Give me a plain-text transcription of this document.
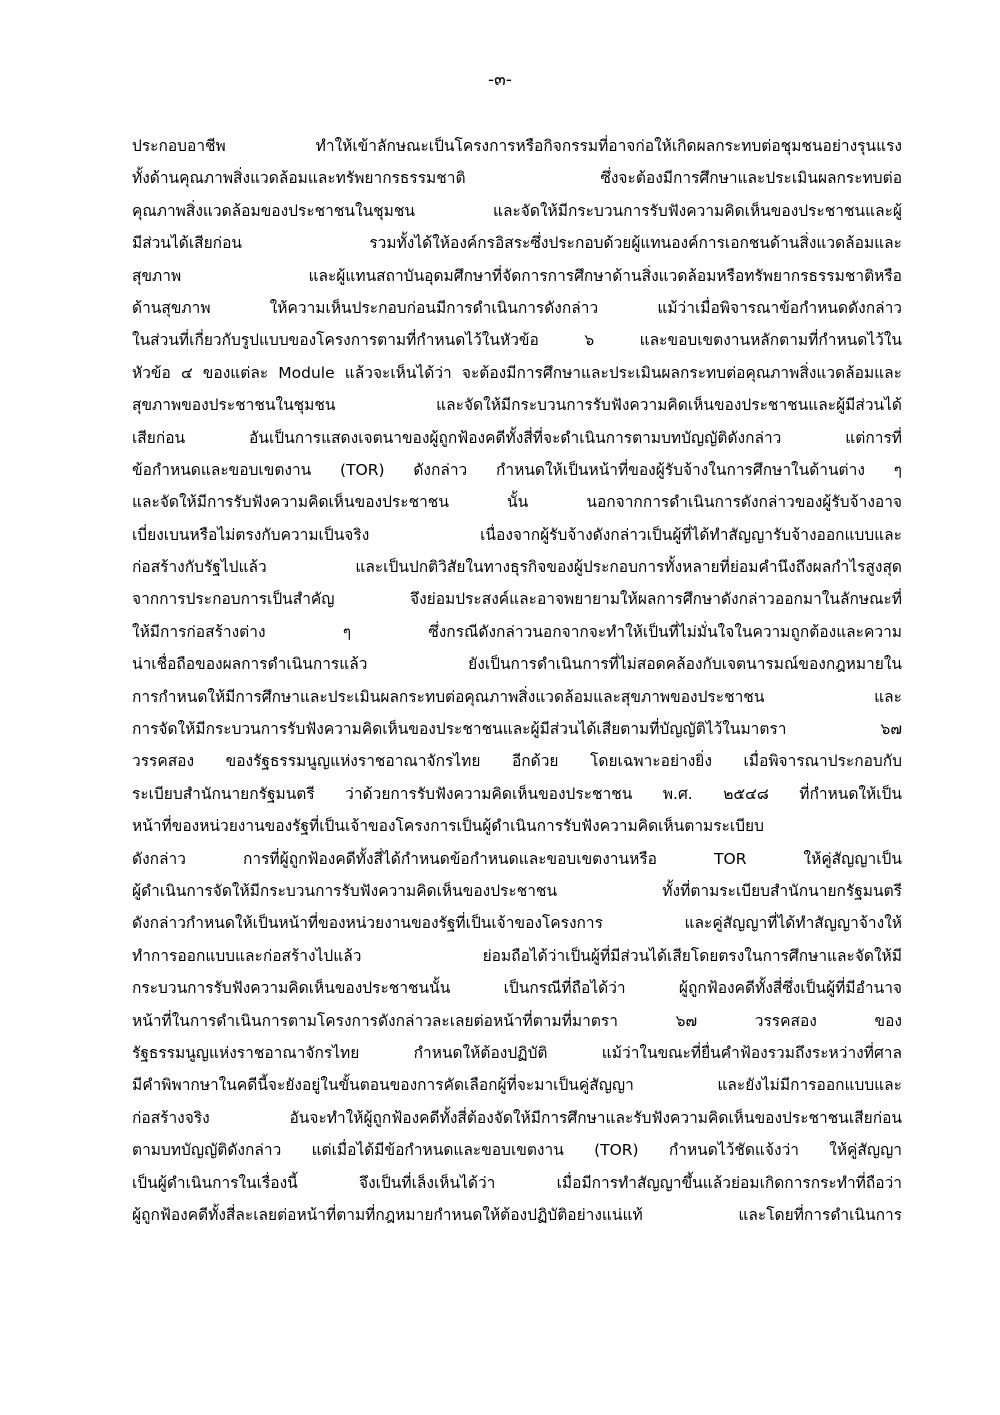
-๓-
ประกอบอาชีพ ทำให้เข้าลักษณะเป็นโครงการหรือกิจกรรมที่อาจก่อให้เกิดผลกระทบต่อชุมชนอย่างรุนแรง
ทั้งด้านคุณภาพสิ่งแวดล้อมและทรัพยากรธรรมชาติ ซึ่งจะต้องมีการศึกษาและประเมินผลกระทบต่อ
คุณภาพสิ่งแวดล้อมของประชาชนในชุมชน และจัดให้มีกระบวนการรับฟังความคิดเห็นของประชาชนและผู้
มีส่วนได้เสียก่อน รวมทั้งได้ให้องค์กรอิสระซึ่งประกอบด้วยผู้แทนองค์การเอกชนด้านสิ่งแวดล้อมและ
สุขภาพ และผู้แทนสถาบันอุดมศึกษาที่จัดการการศึกษาด้านสิ่งแวดล้อมหรือทรัพยากรธรรมชาติหรือ
ด้านสุขภาพ ให้ความเห็นประกอบก่อนมีการดำเนินการดังกล่าว แม้ว่าเมื่อพิจารณาข้อกำหนดดังกล่าว
ในส่วนที่เกี่ยวกับรูปแบบของโครงการตามที่กำหนดไว้ในหัวข้อ ๖ และขอบเขตงานหลักตามที่กำหนดไว้ใน
หัวข้อ ๔ ของแต่ละ Module แล้วจะเห็นได้ว่า จะต้องมีการศึกษาและประเมินผลกระทบต่อคุณภาพสิ่งแวดล้อมและ
สุขภาพของประชาชนในชุมชน และจัดให้มีกระบวนการรับฟังความคิดเห็นของประชาชนและผู้มีส่วนได้
เสียก่อน อันเป็นการแสดงเจตนาของผู้ถูกฟ้องคดีทั้งสี่ที่จะดำเนินการตามบทบัญญัติดังกล่าว แต่การที่
ข้อกำหนดและขอบเขตงาน (TOR) ดังกล่าว กำหนดให้เป็นหน้าที่ของผู้รับจ้างในการศึกษาในด้านต่าง ๆ
และจัดให้มีการรับฟังความคิดเห็นของประชาชน นั้น นอกจากการดำเนินการดังกล่าวของผู้รับจ้างอาจ
เบี่ยงเบนหรือไม่ตรงกับความเป็นจริง เนื่องจากผู้รับจ้างดังกล่าวเป็นผู้ที่ได้ทำสัญญารับจ้างออกแบบและ
ก่อสร้างกับรัฐไปแล้ว และเป็นปกติวิสัยในทางธุรกิจของผู้ประกอบการทั้งหลายที่ย่อมคำนึงถึงผลกำไรสูงสุด
จากการประกอบการเป็นสำคัญ จึงย่อมประสงค์และอาจพยายามให้ผลการศึกษาดังกล่าวออกมาในลักษณะที่
ให้มีการก่อสร้างต่าง ๆ ซึ่งกรณีดังกล่าวนอกจากจะทำให้เป็นที่ไม่มั่นใจในความถูกต้องและความ
น่าเชื่อถือของผลการดำเนินการแล้ว ยังเป็นการดำเนินการที่ไม่สอดคล้องกับเจตนารมณ์ของกฎหมายใน
การกำหนดให้มีการศึกษาและประเมินผลกระทบต่อคุณภาพสิ่งแวดล้อมและสุขภาพของประชาชน และ
การจัดให้มีกระบวนการรับฟังความคิดเห็นของประชาชนและผู้มีส่วนได้เสียตามที่บัญญัติไว้ในมาตรา ๖๗
วรรคสอง ของรัฐธรรมนูญแห่งราชอาณาจักรไทย อีกด้วย โดยเฉพาะอย่างยิ่ง เมื่อพิจารณาประกอบกับ
ระเบียบสำนักนายกรัฐมนตรี ว่าด้วยการรับฟังความคิดเห็นของประชาชน พ.ศ. ๒๕๔๘ ที่กำหนดให้เป็น
หน้าที่ของหน่วยงานของรัฐที่เป็นเจ้าของโครงการเป็นผู้ดำเนินการรับฟังความคิดเห็นตามระเบียบ
ดังกล่าว การที่ผู้ถูกฟ้องคดีทั้งสี่ได้กำหนดข้อกำหนดและขอบเขตงานหรือ TOR ให้คู่สัญญาเป็น
ผู้ดำเนินการจัดให้มีกระบวนการรับฟังความคิดเห็นของประชาชน ทั้งที่ตามระเบียบสำนักนายกรัฐมนตรี
ดังกล่าวกำหนดให้เป็นหน้าที่ของหน่วยงานของรัฐที่เป็นเจ้าของโครงการ และคู่สัญญาที่ได้ทำสัญญาจ้างให้
ทำการออกแบบและก่อสร้างไปแล้ว ย่อมถือได้ว่าเป็นผู้ที่มีส่วนได้เสียโดยตรงในการศึกษาและจัดให้มี
กระบวนการรับฟังความคิดเห็นของประชาชนนั้น เป็นกรณีที่ถือได้ว่า ผู้ถูกฟ้องคดีทั้งสี่ซึ่งเป็นผู้ที่มีอำนาจ
หน้าที่ในการดำเนินการตามโครงการดังกล่าวละเลยต่อหน้าที่ตามที่มาตรา ๖๗ วรรคสอง ของ
รัฐธรรมนูญแห่งราชอาณาจักรไทย กำหนดให้ต้องปฏิบัติ แม้ว่าในขณะที่ยื่นคำฟ้องรวมถึงระหว่างที่ศาล
มีคำพิพากษาในคดีนี้จะยังอยู่ในขั้นตอนของการคัดเลือกผู้ที่จะมาเป็นคู่สัญญา และยังไม่มีการออกแบบและ
ก่อสร้างจริง อันจะทำให้ผู้ถูกฟ้องคดีทั้งสี่ต้องจัดให้มีการศึกษาและรับฟังความคิดเห็นของประชาชนเสียก่อน
ตามบทบัญญัติดังกล่าว แต่เมื่อได้มีข้อกำหนดและขอบเขตงาน (TOR) กำหนดไว้ชัดแจ้งว่า ให้คู่สัญญา
เป็นผู้ดำเนินการในเรื่องนี้ จึงเป็นที่เล็งเห็นได้ว่า เมื่อมีการทำสัญญาขึ้นแล้วย่อมเกิดการกระทำที่ถือว่า
ผู้ถูกฟ้องคดีทั้งสี่ละเลยต่อหน้าที่ตามที่กฎหมายกำหนดให้ต้องปฏิบัติอย่างแน่แท้ และโดยที่การดำเนินการ
